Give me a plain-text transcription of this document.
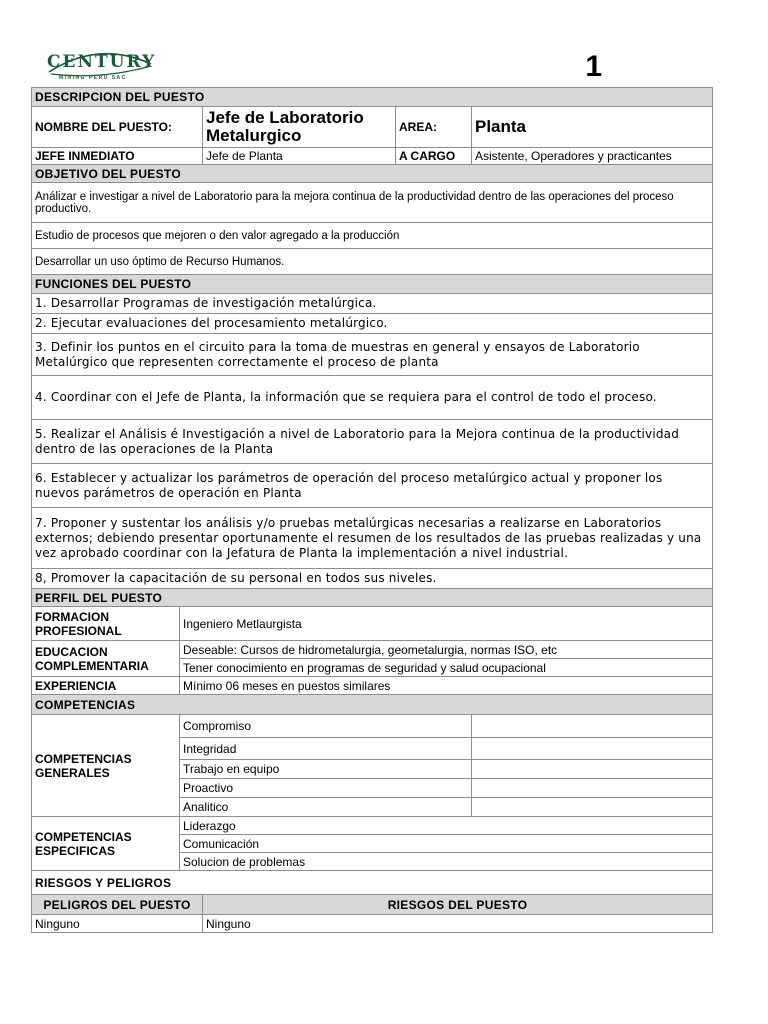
CENTURY
MINING PERU SAC	1
DESCRIPCION DEL PUESTO				
NOMBRE DEL PUESTO:		Jefe de Laboratorio Metalurgico	AREA:	Planta
JEFE INMEDIATO		Jefe de Planta	A CARGO	Asistente, Operadores y practicantes
OBJETIVO DEL PUESTO				
Análizar e investigar a nivel de Laboratorio para la mejora continua de la productividad dentro de las operaciones del proceso productivo.				
Estudio de procesos que mejoren o den valor agregado a la producción				
Desarrollar un uso óptimo de Recurso Humanos.				
FUNCIONES DEL PUESTO				
1. Desarrollar Programas de investigación metalúrgica.				
2. Ejecutar evaluaciones del procesamiento metalúrgico.				
3. Definir los puntos en el circuito para la toma de muestras en general y ensayos de Laboratorio Metalúrgico que representen correctamente el proceso de planta				
4. Coordinar con el Jefe de Planta, la información que se requiera para el control de todo el proceso.				
5. Realizar el Análisis é Investigación a nivel de Laboratorio para la Mejora continua de la productividad dentro de las operaciones de la Planta				
6. Establecer y actualizar los parámetros de operación del proceso metalúrgico actual y proponer los nuevos parámetros de operación en Planta				
7. Proponer y sustentar los análisis y/o pruebas metalúrgicas necesarias a realizarse en Laboratorios externos; debiendo presentar oportunamente el resumen de los resultados de las pruebas realizadas y una vez aprobado coordinar con la Jefatura de Planta la implementación a nivel industrial.				
8, Promover la capacitación de su personal en todos sus niveles.				
PERFIL DEL PUESTO				
FORMACION PROFESIONAL	Ingeniero Metlaurgista			
EDUCACION COMPLEMENTARIA	Deseable: Cursos de hidrometalurgia, geometalurgia, normas ISO, etc			
	Tener conocimiento en programas de seguridad y salud ocupacional			
EXPERIENCIA	Mínimo 06 meses en puestos similares			
COMPETENCIAS				
COMPETENCIAS GENERALES	Compromiso			
	Integridad			
	Trabajo en equipo			
	Proactivo			
	Analitico			
COMPETENCIAS ESPECIFICAS	Liderazgo			
	Comunicación			
	Solucion de problemas			
RIESGOS Y PELIGROS				
PELIGROS DEL PUESTO		RIESGOS DEL PUESTO		
Ninguno		Ninguno		
